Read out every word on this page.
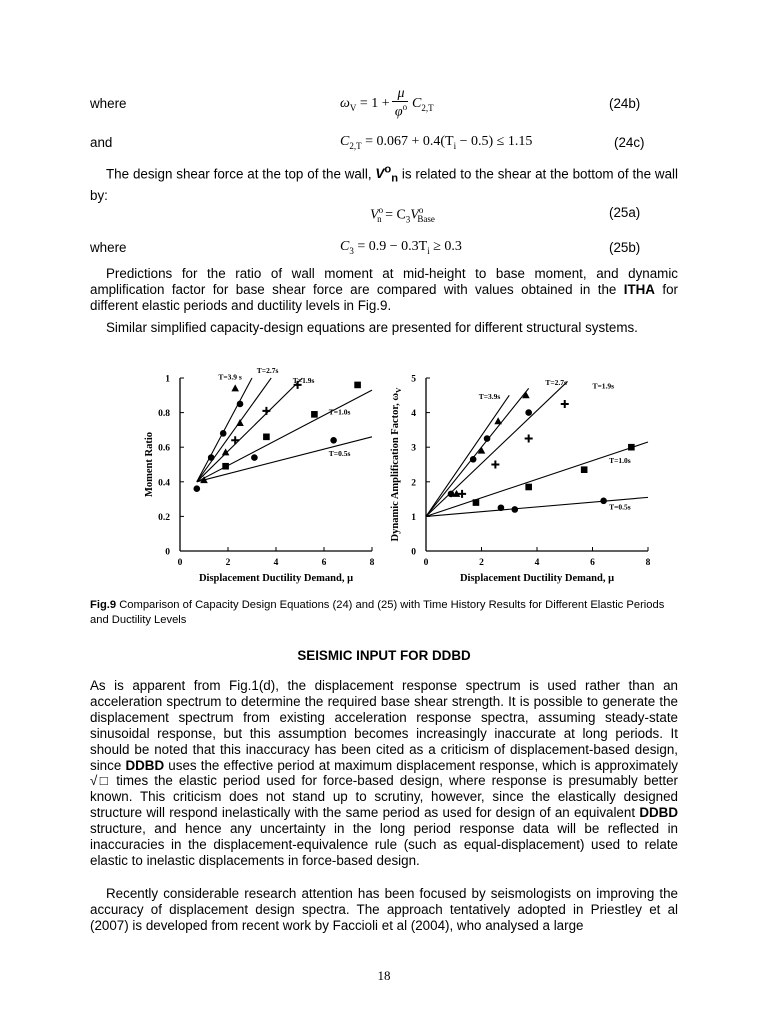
where	$\omega_V = 1$ +
μ
$\varphi^o$ $C_{2,T}$	(24b)
and	$C_{2,T} = 0.067 + 0.4(T_i - 0.5) \le 1.15$	(24c)
The design shear force at the top of the wall, $V^o_n$ is related to the shear at the bottom of the wall by:
$V^o_n = C_3V^o_{Base}$	(25a)
where	$C_3 = 0.9 - 0.3T_i \ge 0.3$	(25b)
Predictions for the ratio of wall moment at mid-height to base moment, and dynamic amplification factor for base shear force are compared with values obtained in the ITHA for different elastic periods and ductility levels in Fig.9.
Similar simplified capacity-design equations are presented for different structural systems.
0	2	4	6	8
0
0.2
0.4
0.6
0.8
1
Displacement Ductility Demand, μ
Moment Ratio
T=3.9 s
T=2.7s
T=1.9s
T=1.0s
T=0.5s
0	2	4	6	8
0
1
2
3
4
5
Displacement Ductility Demand, μ
Dynamic Amplification Factor, $\omega_V$
T=3.9s
T=2.7s	T=1.9s
T=1.0s
T=0.5s
Fig.9 Comparison of Capacity Design Equations (24) and (25) with Time History Results for Different Elastic Periods and Ductility Levels
SEISMIC INPUT FOR DDBD
As is apparent from Fig.1(d), the displacement response spectrum is used rather than an acceleration spectrum to determine the required base shear strength. It is possible to generate the displacement spectrum from existing acceleration response spectra, assuming steady-state sinusoidal response, but this assumption becomes increasingly inaccurate at long periods. It should be noted that this inaccuracy has been cited as a criticism of displacement-based design, since DDBD uses the effective period at maximum displacement response, which is approximately √□ times the elastic period used for force-based design, where response is presumably better known. This criticism does not stand up to scrutiny, however, since the elastically designed structure will respond inelastically with the same period as used for design of an equivalent DDBD structure, and hence any uncertainty in the long period response data will be reflected in inaccuracies in the displacement-equivalence rule (such as equal-displacement) used to relate elastic to inelastic displacements in force-based design.
Recently considerable research attention has been focused by seismologists on improving the accuracy of displacement design spectra. The approach tentatively adopted in Priestley et al (2007) is developed from recent work by Faccioli et al (2004), who analysed a large
18
